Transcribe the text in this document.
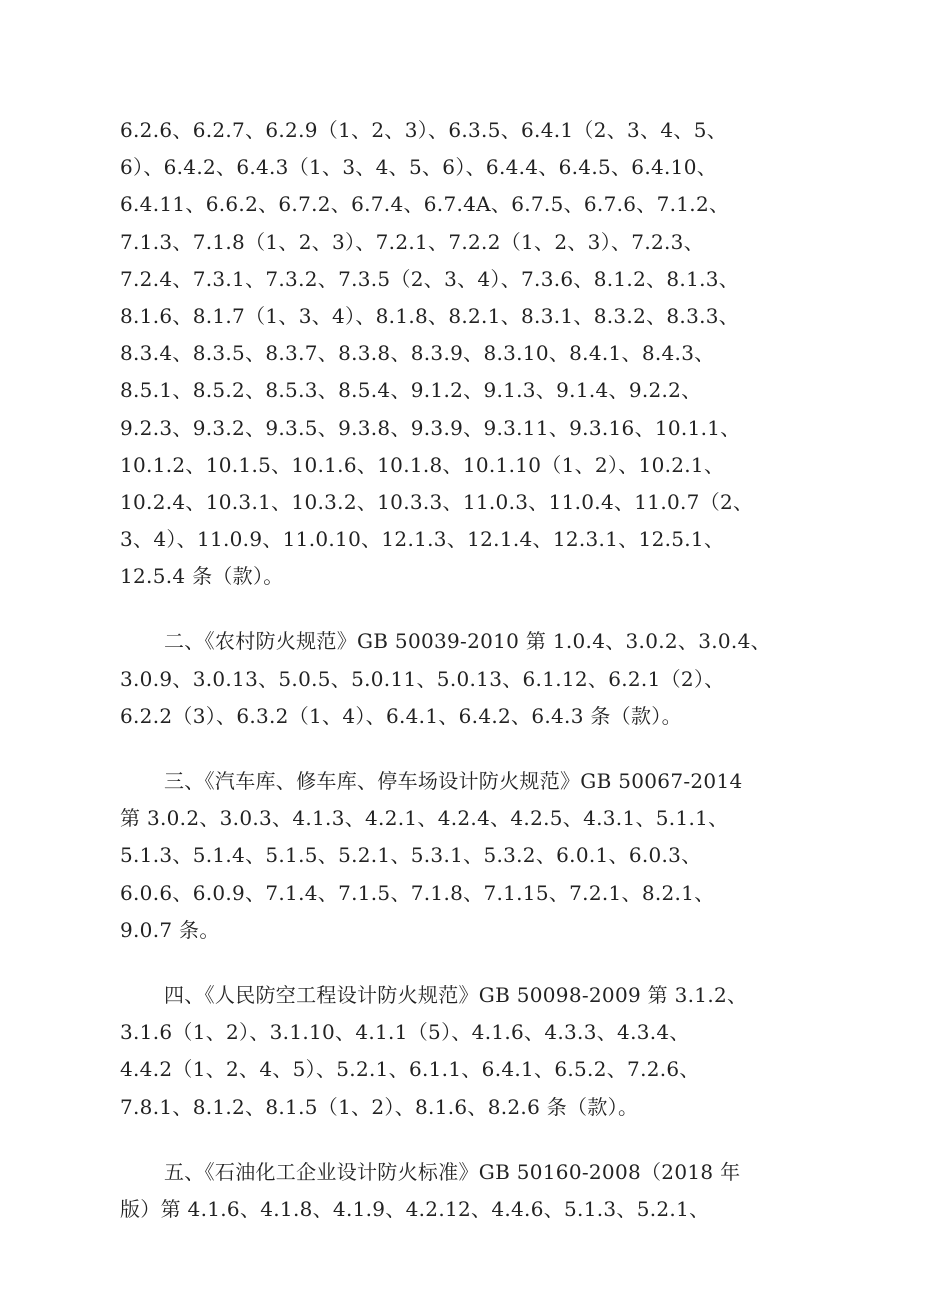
6.2.6、6.2.7、6.2.9（1、2、3）、6.3.5、6.4.1（2、3、4、5、
6）、6.4.2、6.4.3（1、3、4、5、6）、6.4.4、6.4.5、6.4.10、
6.4.11、6.6.2、6.7.2、6.7.4、6.7.4A、6.7.5、6.7.6、7.1.2、
7.1.3、7.1.8（1、2、3）、7.2.1、7.2.2（1、2、3）、7.2.3、
7.2.4、7.3.1、7.3.2、7.3.5（2、3、4）、7.3.6、8.1.2、8.1.3、
8.1.6、8.1.7（1、3、4）、8.1.8、8.2.1、8.3.1、8.3.2、8.3.3、
8.3.4、8.3.5、8.3.7、8.3.8、8.3.9、8.3.10、8.4.1、8.4.3、
8.5.1、8.5.2、8.5.3、8.5.4、9.1.2、9.1.3、9.1.4、9.2.2、
9.2.3、9.3.2、9.3.5、9.3.8、9.3.9、9.3.11、9.3.16、10.1.1、
10.1.2、10.1.5、10.1.6、10.1.8、10.1.10（1、2）、10.2.1、
10.2.4、10.3.1、10.3.2、10.3.3、11.0.3、11.0.4、11.0.7（2、
3、4）、11.0.9、11.0.10、12.1.3、12.1.4、12.3.1、12.5.1、
12.5.4 条（款）。
二、《农村防火规范》GB 50039-2010 第 1.0.4、3.0.2、3.0.4、
3.0.9、3.0.13、5.0.5、5.0.11、5.0.13、6.1.12、6.2.1（2）、
6.2.2（3）、6.3.2（1、4）、6.4.1、6.4.2、6.4.3 条（款）。
三、《汽车库、修车库、停车场设计防火规范》GB 50067-2014
第 3.0.2、3.0.3、4.1.3、4.2.1、4.2.4、4.2.5、4.3.1、5.1.1、
5.1.3、5.1.4、5.1.5、5.2.1、5.3.1、5.3.2、6.0.1、6.0.3、
6.0.6、6.0.9、7.1.4、7.1.5、7.1.8、7.1.15、7.2.1、8.2.1、
9.0.7 条。
四、《人民防空工程设计防火规范》GB 50098-2009 第 3.1.2、
3.1.6（1、2）、3.1.10、4.1.1（5）、4.1.6、4.3.3、4.3.4、
4.4.2（1、2、4、5）、5.2.1、6.1.1、6.4.1、6.5.2、7.2.6、
7.8.1、8.1.2、8.1.5（1、2）、8.1.6、8.2.6 条（款）。
五、《石油化工企业设计防火标准》GB 50160-2008（2018 年
版）第 4.1.6、4.1.8、4.1.9、4.2.12、4.4.6、5.1.3、5.2.1、
